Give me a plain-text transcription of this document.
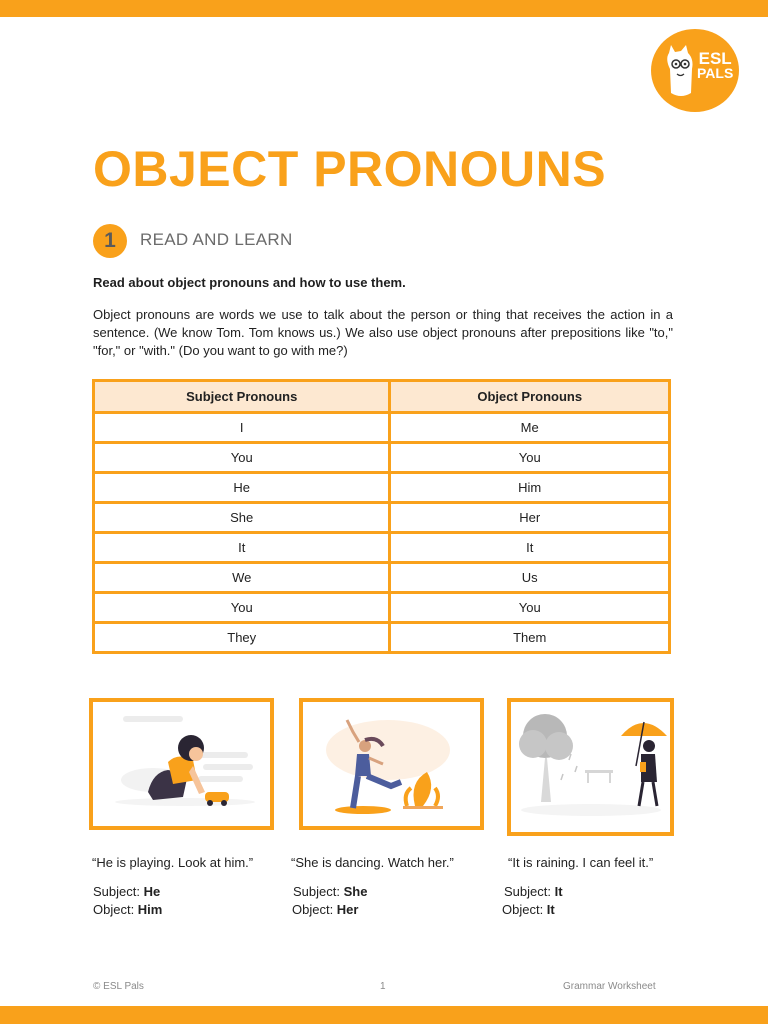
ESL
PALS
OBJECT PRONOUNS
1	READ AND LEARN
Read about object pronouns and how to use them.
Object pronouns are words we use to talk about the person or thing that receives the action in a sentence. (We know Tom. Tom knows us.) We also use object pronouns after prepositions like "to," "for," or "with." (Do you want to go with me?)
Subject Pronouns	Object Pronouns
I	Me
You	You
He	Him
She	Her
It	It
We	Us
You	You
They	Them
“He is playing. Look at him.”	“She is dancing. Watch her.”	“It is raining. I can feel it.”
Subject: He
Object: Him
Subject: She
Object: Her
Subject: It
Object: It
© ESL Pals	1	Grammar Worksheet
